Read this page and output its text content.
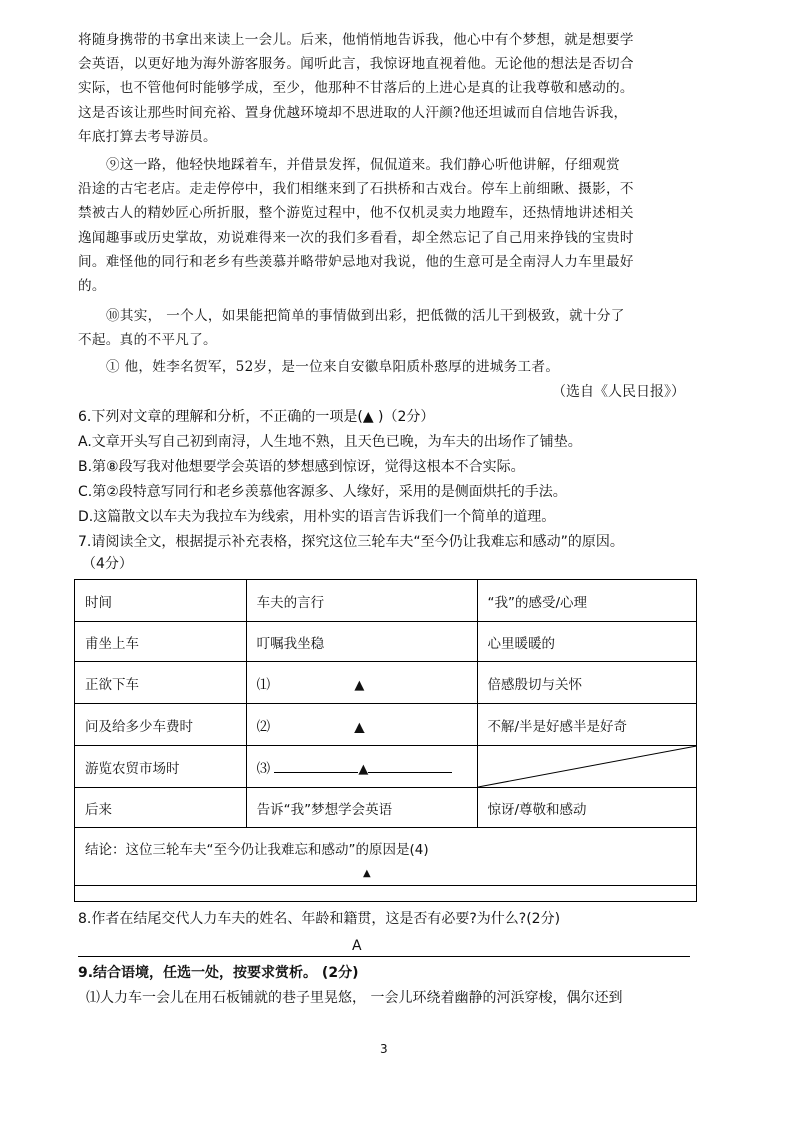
将随身携带的书拿出来读上一会儿。后来，他悄悄地告诉我，他心中有个梦想，就是想要学
会英语，以更好地为海外游客服务。闻听此言，我惊讶地直视着他。无论他的想法是否切合
实际，也不管他何时能够学成，至少，他那种不甘落后的上进心是真的让我尊敬和感动的。
这是否该让那些时间充裕、置身优越环境却不思进取的人汗颜?他还坦诚而自信地告诉我，
年底打算去考导游员。
⑨这一路，他轻快地踩着车，并借景发挥，侃侃道来。我们静心听他讲解，仔细观赏
沿途的古宅老店。走走停停中，我们相继来到了石拱桥和古戏台。停车上前细瞅、摄影，不
禁被古人的精妙匠心所折服，整个游览过程中，他不仅机灵卖力地蹬车，还热情地讲述相关
逸闻趣事或历史掌故，劝说难得来一次的我们多看看，却全然忘记了自己用来挣钱的宝贵时
间。难怪他的同行和老乡有些羡慕并略带妒忌地对我说，他的生意可是全南浔人力车里最好
的。
⑩其实， 一个人，如果能把简单的事情做到出彩，把低微的活儿干到极致，就十分了
不起。真的不平凡了。
① 他，姓李名贺军，52岁，是一位来自安徽阜阳质朴憨厚的进城务工者。
（选自《人民日报》）
6.下列对文章的理解和分析，不正确的一项是(▲ )（2分）
A.文章开头写自己初到南浔，人生地不熟，且天色已晚，为车夫的出场作了铺垫。
B.第⑧段写我对他想要学会英语的梦想感到惊讶，觉得这根本不合实际。
C.第②段特意写同行和老乡羡慕他客源多、人缘好，采用的是侧面烘托的手法。
D.这篇散文以车夫为我拉车为线索，用朴实的语言告诉我们一个简单的道理。
7.请阅读全文，根据提示补充表格，探究这位三轮车夫“至今仍让我难忘和感动”的原因。
（4分）
时间	车夫的言行	“我”的感受/心理
甫坐上车	叮嘱我坐稳	心里暖暖的
正欲下车	⑴ ▲	倍感殷切与关怀
问及给多少车费时	⑵ ▲	不解/半是好感半是好奇
游览农贸市场时	⑶ ▲	

后来	告诉“我”梦想学会英语	惊讶/尊敬和感动

结论：这位三轮车夫“至今仍让我难忘和感动”的原因是(4)
▲		

8.作者在结尾交代人力车夫的姓名、年龄和籍贯，这是否有必要?为什么?(2分)
A
9.结合语境，任选一处，按要求赏析。 (2分)
⑴人力车一会儿在用石板铺就的巷子里晃悠， 一会儿环绕着幽静的河浜穿梭，偶尔还到
3
